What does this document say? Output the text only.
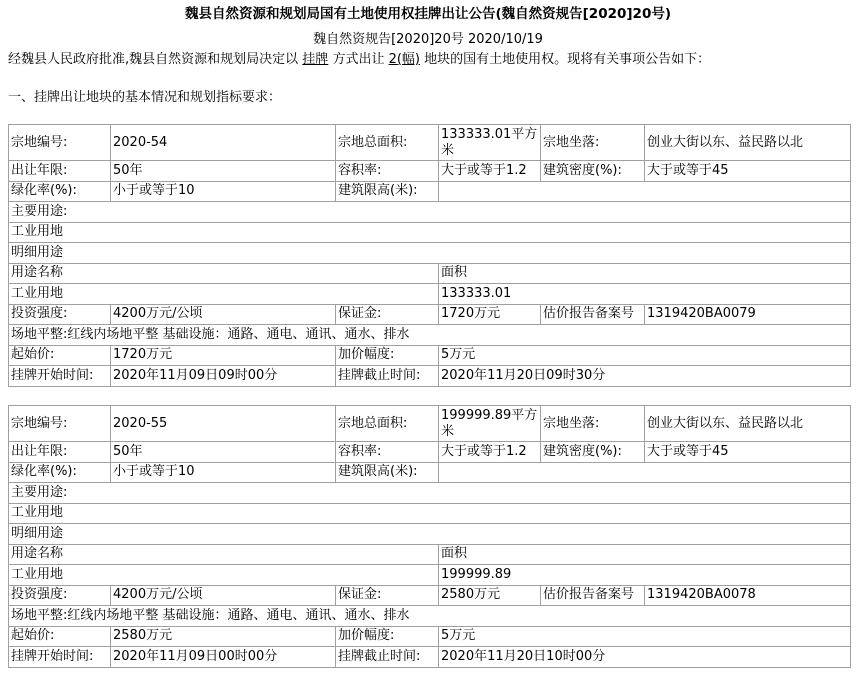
魏县自然资源和规划局国有土地使用权挂牌出让公告(魏自然资规告[2020]20号)
魏自然资规告[2020]20号 2020/10/19
经魏县人民政府批准,魏县自然资源和规划局决定以 挂牌 方式出让 2(幅) 地块的国有土地使用权。现将有关事项公告如下：
一、挂牌出让地块的基本情况和规划指标要求：
宗地编号:	2020-54	宗地总面积:	133333.01平方米	宗地坐落:	创业大街以东、益民路以北
出让年限:	50年	容积率:	大于或等于1.2	建筑密度(%):	大于或等于45
绿化率(%):	小于或等于10	建筑限高(米):			
主要用途:					
工业用地					
明细用途					
用途名称			面积		
工业用地			133333.01		
投资强度:	4200万元/公顷	保证金:	1720万元	估价报告备案号	1319420BA0079
场地平整:红线内场地平整 基础设施：通路、通电、通讯、通水、排水					
起始价:	1720万元	加价幅度:	5万元		
挂牌开始时间:	2020年11月09日09时00分	挂牌截止时间:	2020年11月20日09时30分		
宗地编号:	2020-55	宗地总面积:	199999.89平方米	宗地坐落:	创业大街以东、益民路以北
出让年限:	50年	容积率:	大于或等于1.2	建筑密度(%):	大于或等于45
绿化率(%):	小于或等于10	建筑限高(米):			
主要用途:					
工业用地					
明细用途					
用途名称			面积		
工业用地			199999.89		
投资强度:	4200万元/公顷	保证金:	2580万元	估价报告备案号	1319420BA0078
场地平整:红线内场地平整 基础设施：通路、通电、通讯、通水、排水					
起始价:	2580万元	加价幅度:	5万元		
挂牌开始时间:	2020年11月09日00时00分	挂牌截止时间:	2020年11月20日10时00分		
